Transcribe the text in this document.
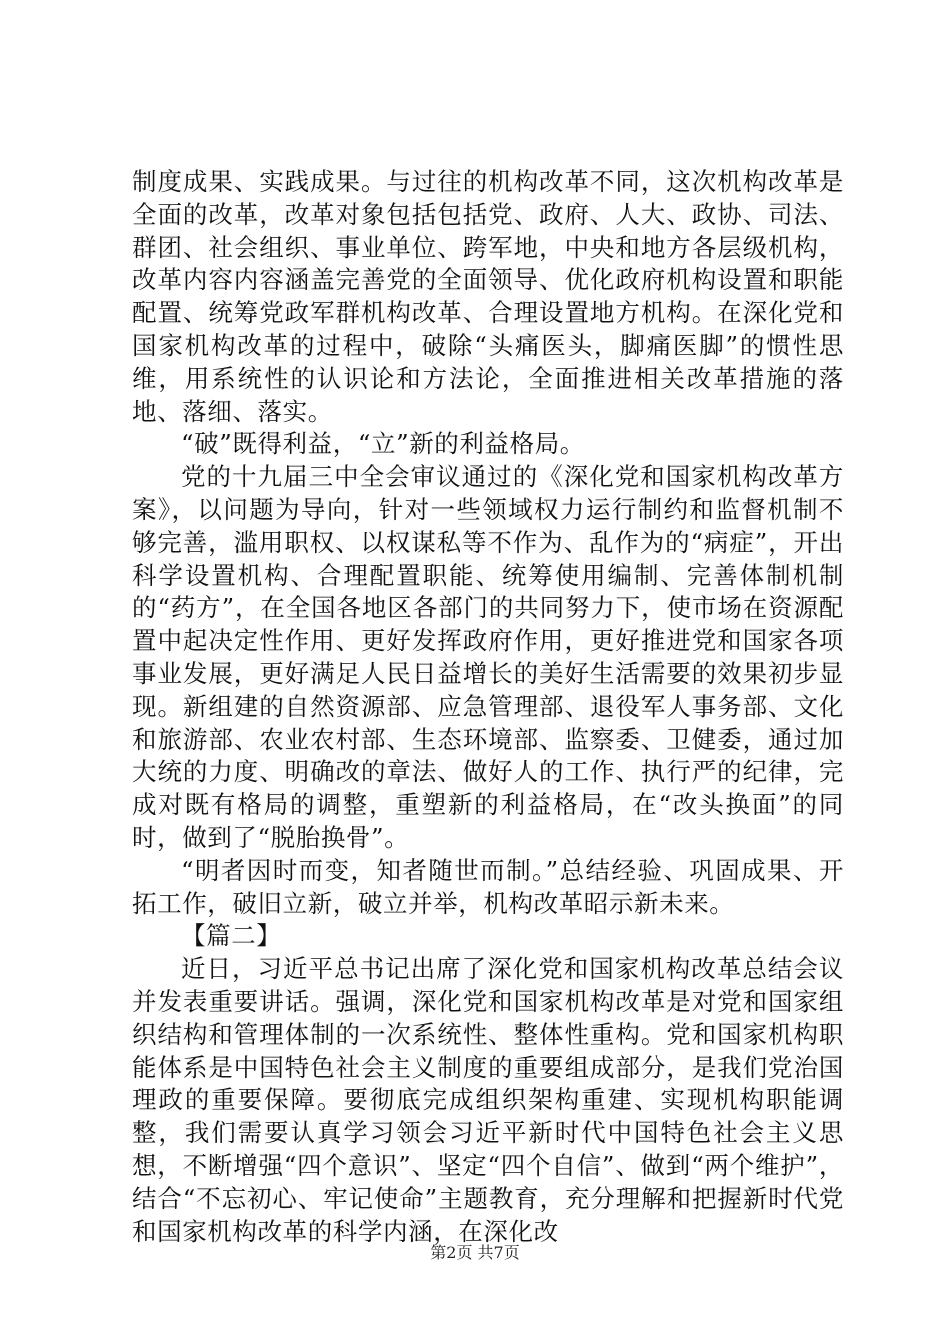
制度成果、实践成果。与过往的机构改革不同，这次机构改革是全面的改革，改革对象包括包括党、政府、人大、政协、司法、群团、社会组织、事业单位、跨军地，中央和地方各层级机构，改革内容内容涵盖完善党的全面领导、优化政府机构设置和职能配置、统筹党政军群机构改革、合理设置地方机构。在深化党和国家机构改革的过程中，破除“头痛医头，脚痛医脚”的惯性思维，用系统性的认识论和方法论，全面推进相关改革措施的落地、落细、落实。

“破”既得利益，“立”新的利益格局。

党的十九届三中全会审议通过的《深化党和国家机构改革方案》，以问题为导向，针对一些领域权力运行制约和监督机制不够完善，滥用职权、以权谋私等不作为、乱作为的“病症”，开出科学设置机构、合理配置职能、统筹使用编制、完善体制机制的“药方”，在全国各地区各部门的共同努力下，使市场在资源配置中起决定性作用、更好发挥政府作用，更好推进党和国家各项事业发展，更好满足人民日益增长的美好生活需要的效果初步显现。新组建的自然资源部、应急管理部、退役军人事务部、文化和旅游部、农业农村部、生态环境部、监察委、卫健委，通过加大统的力度、明确改的章法、做好人的工作、执行严的纪律，完成对既有格局的调整，重塑新的利益格局，在“改头换面”的同时，做到了“脱胎换骨”。

“明者因时而变，知者随世而制。”总结经验、巩固成果、开拓工作，破旧立新，破立并举，机构改革昭示新未来。

【篇二】

近日，习近平总书记出席了深化党和国家机构改革总结会议并发表重要讲话。强调，深化党和国家机构改革是对党和国家组织结构和管理体制的一次系统性、整体性重构。党和国家机构职能体系是中国特色社会主义制度的重要组成部分，是我们党治国理政的重要保障。要彻底完成组织架构重建、实现机构职能调整，我们需要认真学习领会习近平新时代中国特色社会主义思想，不断增强“四个意识”、坚定“四个自信”、做到“两个维护”，结合“不忘初心、牢记使命”主题教育，充分理解和把握新时代党和国家机构改革的科学内涵，在深化改

第2页 共7页
